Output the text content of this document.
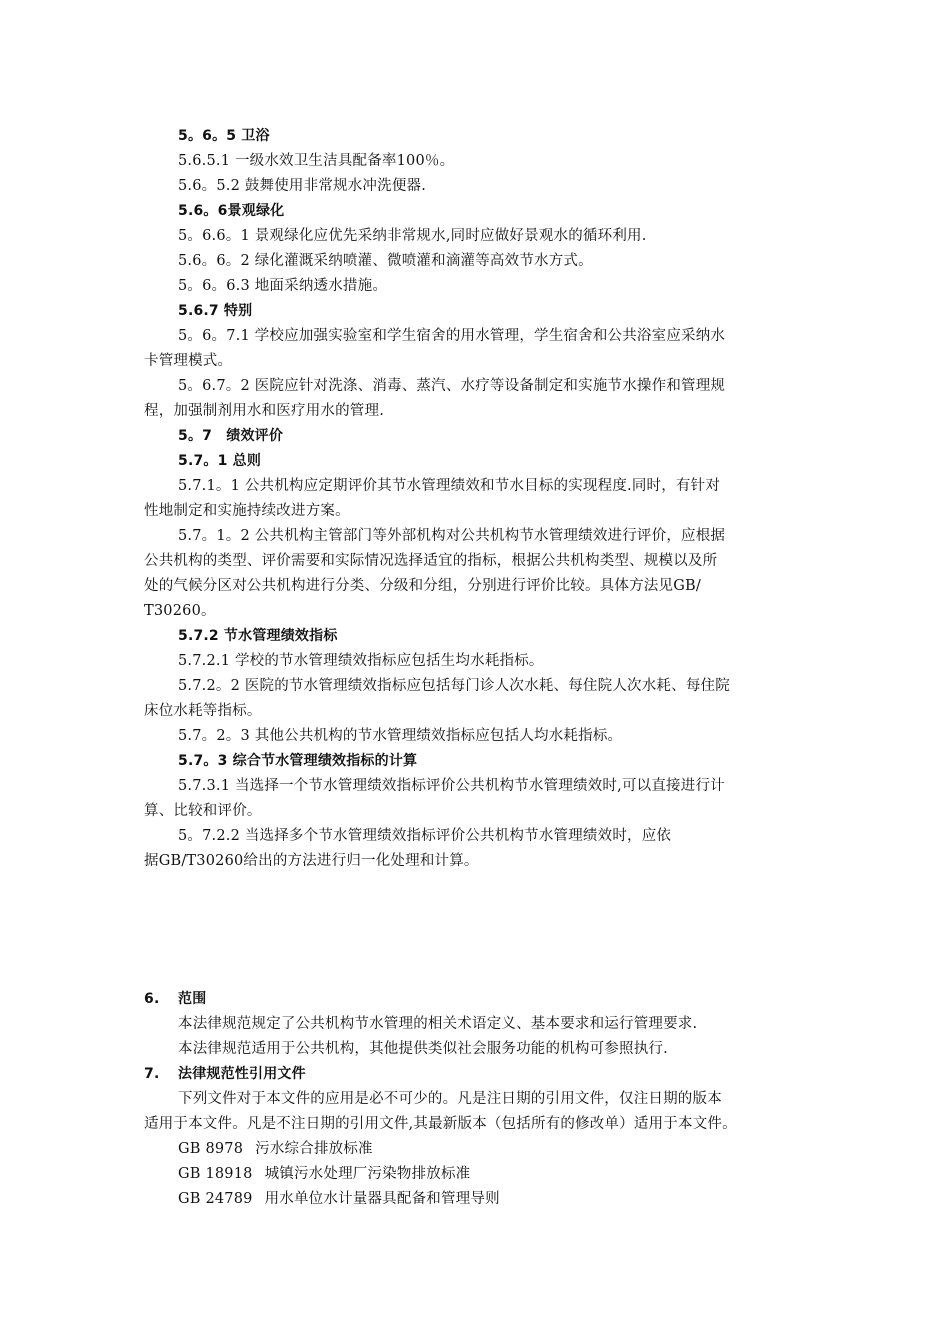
5。6。5 卫浴
5.6.5.1 一级水效卫生洁具配备率100％。
5.6。5.2 鼓舞使用非常规水冲洗便器.
5.6。6景观绿化
5。6.6。1 景观绿化应优先采纳非常规水,同时应做好景观水的循环利用.
5.6。6。2 绿化灌溉采纳喷灌、微喷灌和滴灌等高效节水方式。
5。6。6.3 地面采纳透水措施。
5.6.7 特别
5。6。7.1 学校应加强实验室和学生宿舍的用水管理，学生宿舍和公共浴室应采纳水
卡管理模式。
5。6.7。2 医院应针对洗涤、消毒、蒸汽、水疗等设备制定和实施节水操作和管理规
程，加强制剂用水和医疗用水的管理.
5。7　绩效评价
5.7。1 总则
5.7.1。1 公共机构应定期评价其节水管理绩效和节水目标的实现程度.同时，有针对
性地制定和实施持续改进方案。
5.7。1。2 公共机构主管部门等外部机构对公共机构节水管理绩效进行评价，应根据
公共机构的类型、评价需要和实际情况选择适宜的指标，根据公共机构类型、规模以及所
处的气候分区对公共机构进行分类、分级和分组，分别进行评价比较。具体方法见GB/
T30260。
5.7.2 节水管理绩效指标
5.7.2.1 学校的节水管理绩效指标应包括生均水耗指标。
5.7.2。2 医院的节水管理绩效指标应包括每门诊人次水耗、每住院人次水耗、每住院
床位水耗等指标。
5.7。2。3 其他公共机构的节水管理绩效指标应包括人均水耗指标。
5.7。3 综合节水管理绩效指标的计算
5.7.3.1 当选择一个节水管理绩效指标评价公共机构节水管理绩效时,可以直接进行计
算、比较和评价。
5。7.2.2 当选择多个节水管理绩效指标评价公共机构节水管理绩效时，应依
据GB/T30260给出的方法进行归一化处理和计算。
6. 范围
本法律规范规定了公共机构节水管理的相关术语定义、基本要求和运行管理要求.
本法律规范适用于公共机构，其他提供类似社会服务功能的机构可参照执行.
7. 法律规范性引用文件
下列文件对于本文件的应用是必不可少的。凡是注日期的引用文件，仅注日期的版本
适用于本文件。凡是不注日期的引用文件,其最新版本（包括所有的修改单）适用于本文件。
GB 8978 污水综合排放标准
GB 18918 城镇污水处理厂污染物排放标准
GB 24789 用水单位水计量器具配备和管理导则
